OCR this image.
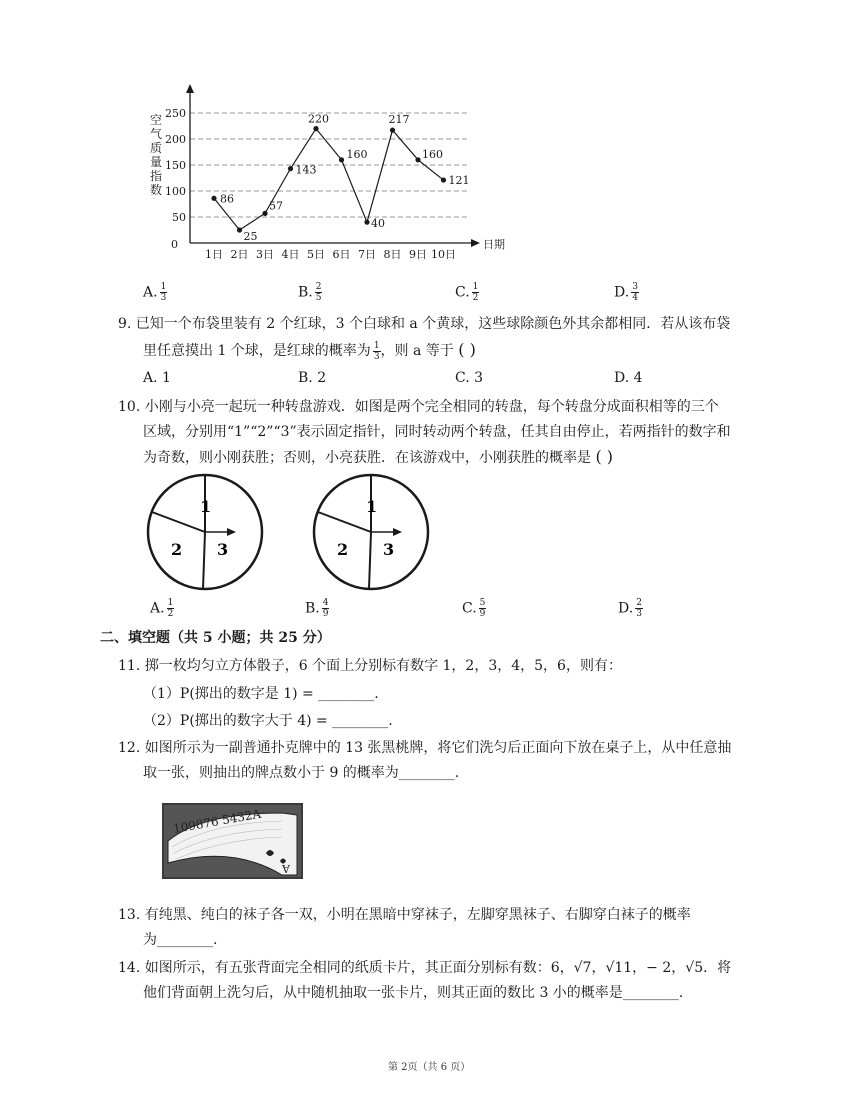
50
100
150
200
250
0	日期
1日 2日 3日 4日 5日 6日 7日 8日 9日 10日
86
25
57
143
220
160
40
217
160
121
空
气
质
量
指
数
A. $\frac{1}{3}$	B. $\frac{2}{5}$	C. $\frac{1}{2}$	D. $\frac{3}{4}$
9. 已知一个布袋里装有 2 个红球，3 个白球和 a 个黄球，这些球除颜色外其余都相同．若从该布袋
里任意摸出 1 个球，是红球的概率为 $\frac{1}{3}$ ，则 a 等于 ( )
A. 1	B. 2	C. 3	D. 4
10. 小刚与小亮一起玩一种转盘游戏．如图是两个完全相同的转盘，每个转盘分成面积相等的三个
区域，分别用“1”“2”“3”表示固定指针，同时转动两个转盘，任其自由停止，若两指针的数字和
为奇数，则小刚获胜；否则，小亮获胜．在该游戏中，小刚获胜的概率是 ( )
1
2 3
1
2 3
A. $\frac{1}{2}$	B. $\frac{4}{9}$	C. $\frac{5}{9}$	D. $\frac{2}{3}$
二、填空题（共 5 小题；共 25 分）
11. 掷一枚均匀立方体骰子，6 个面上分别标有数字 1，2，3，4，5，6，则有：
（1）P(掷出的数字是 1) = ________.
（2）P(掷出的数字大于 4) = ________.
12. 如图所示为一副普通扑克牌中的 13 张黑桃牌，将它们洗匀后正面向下放在桌子上，从中任意抽
取一张，则抽出的牌点数小于 9 的概率为________.
109876 5432A
A
13. 有纯黑、纯白的袜子各一双，小明在黑暗中穿袜子，左脚穿黑袜子、右脚穿白袜子的概率
为________.
14. 如图所示，有五张背面完全相同的纸质卡片，其正面分别标有数：6，√7，√11，− 2，√5．将
他们背面朝上洗匀后，从中随机抽取一张卡片，则其正面的数比 3 小的概率是________.
第 2页（共 6 页）
